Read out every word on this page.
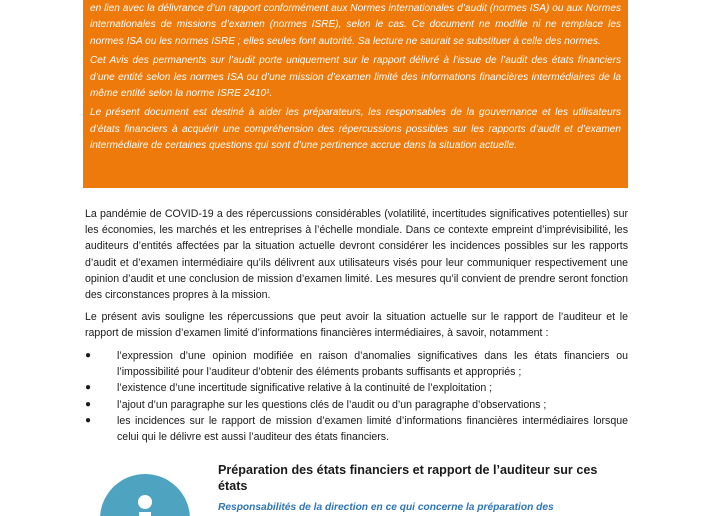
en lien avec la délivrance d’un rapport conformément aux Normes internationales d’audit (normes ISA) ou aux Normes internationales de missions d’examen (normes ISRE), selon le cas. Ce document ne modifie ni ne remplace les normes ISA ou les normes ISRE ; elles seules font autorité. Sa lecture ne saurait se substituer à celle des normes.

Cet Avis des permanents sur l’audit porte uniquement sur le rapport délivré à l’issue de l’audit des états financiers d’une entité selon les normes ISA ou d’une mission d’examen limité des informations financières intermédiaires de la même entité selon la norme ISRE 2410¹.

Le présent document est destiné à aider les préparateurs, les responsables de la gouvernance et les utilisateurs d’états financiers à acquérir une compréhension des répercussions possibles sur les rapports d’audit et d’examen intermédiaire de certaines questions qui sont d’une pertinence accrue dans la situation actuelle.

La pandémie de COVID-19 a des répercussions considérables (volatilité, incertitudes significatives potentielles) sur les économies, les marchés et les entreprises à l’échelle mondiale. Dans ce contexte empreint d’imprévisibilité, les auditeurs d’entités affectées par la situation actuelle devront considérer les incidences possibles sur les rapports d’audit et d’examen intermédiaire qu’ils délivrent aux utilisateurs visés pour leur communiquer respectivement une opinion d’audit et une conclusion de mission d’examen limité. Les mesures qu’il convient de prendre seront fonction des circonstances propres à la mission.

Le présent avis souligne les répercussions que peut avoir la situation actuelle sur le rapport de l’auditeur et le rapport de mission d’examen limité d’informations financières intermédiaires, à savoir, notamment :

● l’expression d’une opinion modifiée en raison d’anomalies significatives dans les états financiers ou l’impossibilité pour l’auditeur d’obtenir des éléments probants suffisants et appropriés ;
● l’existence d’une incertitude significative relative à la continuité de l’exploitation ;
● l’ajout d’un paragraphe sur les questions clés de l’audit ou d’un paragraphe d’observations ;
● les incidences sur le rapport de mission d’examen limité d’informations financières intermédiaires lorsque celui qui le délivre est aussi l’auditeur des états financiers.
Préparation des états financiers et rapport de l’auditeur sur ces états
Responsabilités de la direction en ce qui concerne la préparation des
